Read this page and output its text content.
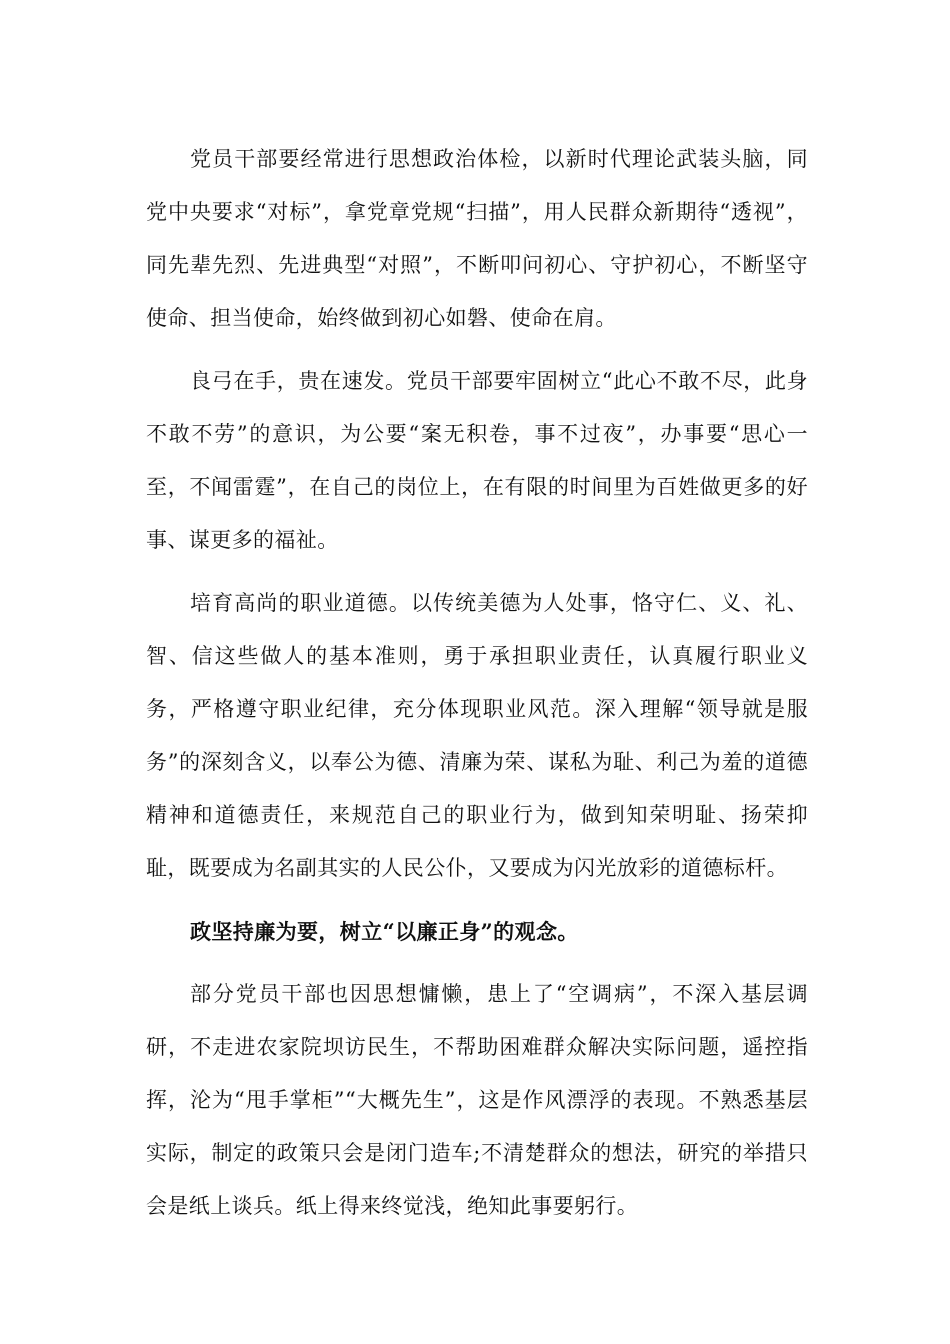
党员干部要经常进行思想政治体检，以新时代理论武装头脑，同党中央要求“对标”，拿党章党规“扫描”，用人民群众新期待“透视”，同先辈先烈、先进典型“对照”，不断叩问初心、守护初心，不断坚守使命、担当使命，始终做到初心如磐、使命在肩。

良弓在手，贵在速发。党员干部要牢固树立“此心不敢不尽，此身不敢不劳”的意识，为公要“案无积卷，事不过夜”，办事要“思心一至，不闻雷霆”，在自己的岗位上，在有限的时间里为百姓做更多的好事、谋更多的福祉。

培育高尚的职业道德。以传统美德为人处事，恪守仁、义、礼、智、信这些做人的基本准则，勇于承担职业责任，认真履行职业义务，严格遵守职业纪律，充分体现职业风范。深入理解“领导就是服务”的深刻含义，以奉公为德、清廉为荣、谋私为耻、利己为羞的道德精神和道德责任，来规范自己的职业行为，做到知荣明耻、扬荣抑耻，既要成为名副其实的人民公仆，又要成为闪光放彩的道德标杆。

政坚持廉为要，树立“以廉正身”的观念。

部分党员干部也因思想慵懒，患上了“空调病”，不深入基层调研，不走进农家院坝访民生，不帮助困难群众解决实际问题，遥控指挥，沦为“甩手掌柜”“大概先生”，这是作风漂浮的表现。不熟悉基层实际，制定的政策只会是闭门造车;不清楚群众的想法，研究的举措只会是纸上谈兵。纸上得来终觉浅，绝知此事要躬行。
